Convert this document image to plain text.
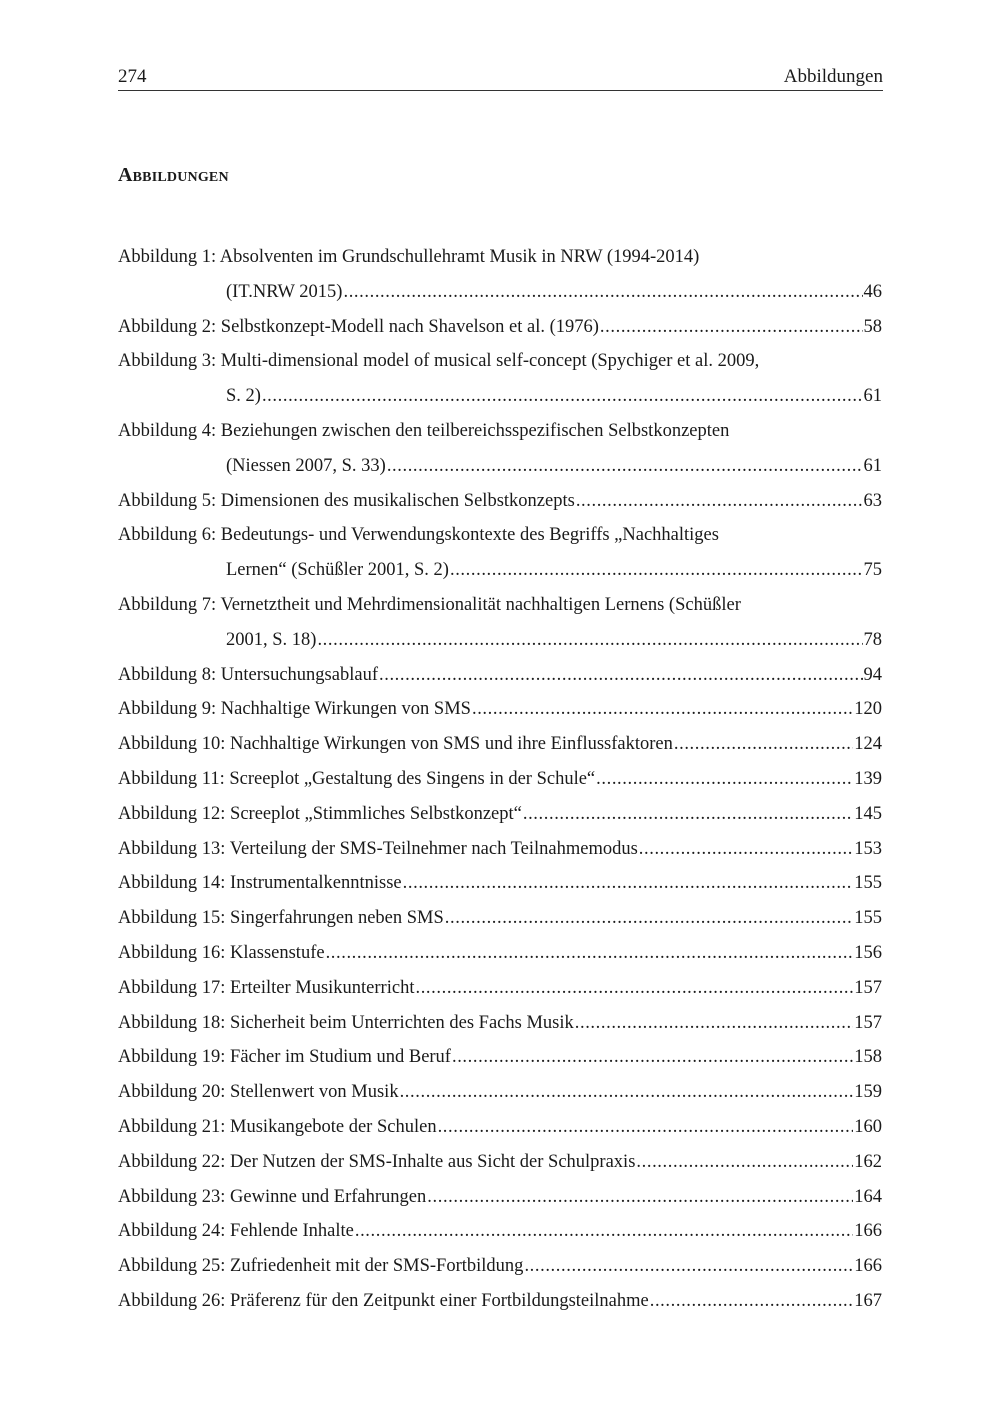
274	Abbildungen
Abbildungen
Abbildung 1: Absolventen im Grundschullehramt Musik in NRW (1994-2014)
(IT.NRW 2015) .....	46
Abbildung 2: Selbstkonzept-Modell nach Shavelson et al. (1976) .....	58
Abbildung 3: Multi-dimensional model of musical self-concept (Spychiger et al. 2009,
S. 2) .....	61
Abbildung 4: Beziehungen zwischen den teilbereichsspezifischen Selbstkonzepten
(Niessen 2007, S. 33) .....	61
Abbildung 5: Dimensionen des musikalischen Selbstkonzepts .....	63
Abbildung 6: Bedeutungs- und Verwendungskontexte des Begriffs „Nachhaltiges
Lernen“ (Schüßler 2001, S. 2) .....	75
Abbildung 7: Vernetztheit und Mehrdimensionalität nachhaltigen Lernens (Schüßler
2001, S. 18) .....	78
Abbildung 8: Untersuchungsablauf .....	94
Abbildung 9: Nachhaltige Wirkungen von SMS .....	120
Abbildung 10: Nachhaltige Wirkungen von SMS und ihre Einflussfaktoren .....	124
Abbildung 11: Screeplot „Gestaltung des Singens in der Schule“ .....	139
Abbildung 12: Screeplot „Stimmliches Selbstkonzept“ .....	145
Abbildung 13: Verteilung der SMS-Teilnehmer nach Teilnahmemodus .....	153
Abbildung 14: Instrumentalkenntnisse .....	155
Abbildung 15: Singerfahrungen neben SMS .....	155
Abbildung 16: Klassenstufe .....	156
Abbildung 17: Erteilter Musikunterricht .....	157
Abbildung 18: Sicherheit beim Unterrichten des Fachs Musik .....	157
Abbildung 19: Fächer im Studium und Beruf .....	158
Abbildung 20: Stellenwert von Musik .....	159
Abbildung 21: Musikangebote der Schulen .....	160
Abbildung 22: Der Nutzen der SMS-Inhalte aus Sicht der Schulpraxis .....	162
Abbildung 23: Gewinne und Erfahrungen .....	164
Abbildung 24: Fehlende Inhalte .....	166
Abbildung 25: Zufriedenheit mit der SMS-Fortbildung .....	166
Abbildung 26: Präferenz für den Zeitpunkt einer Fortbildungsteilnahme .....	167
